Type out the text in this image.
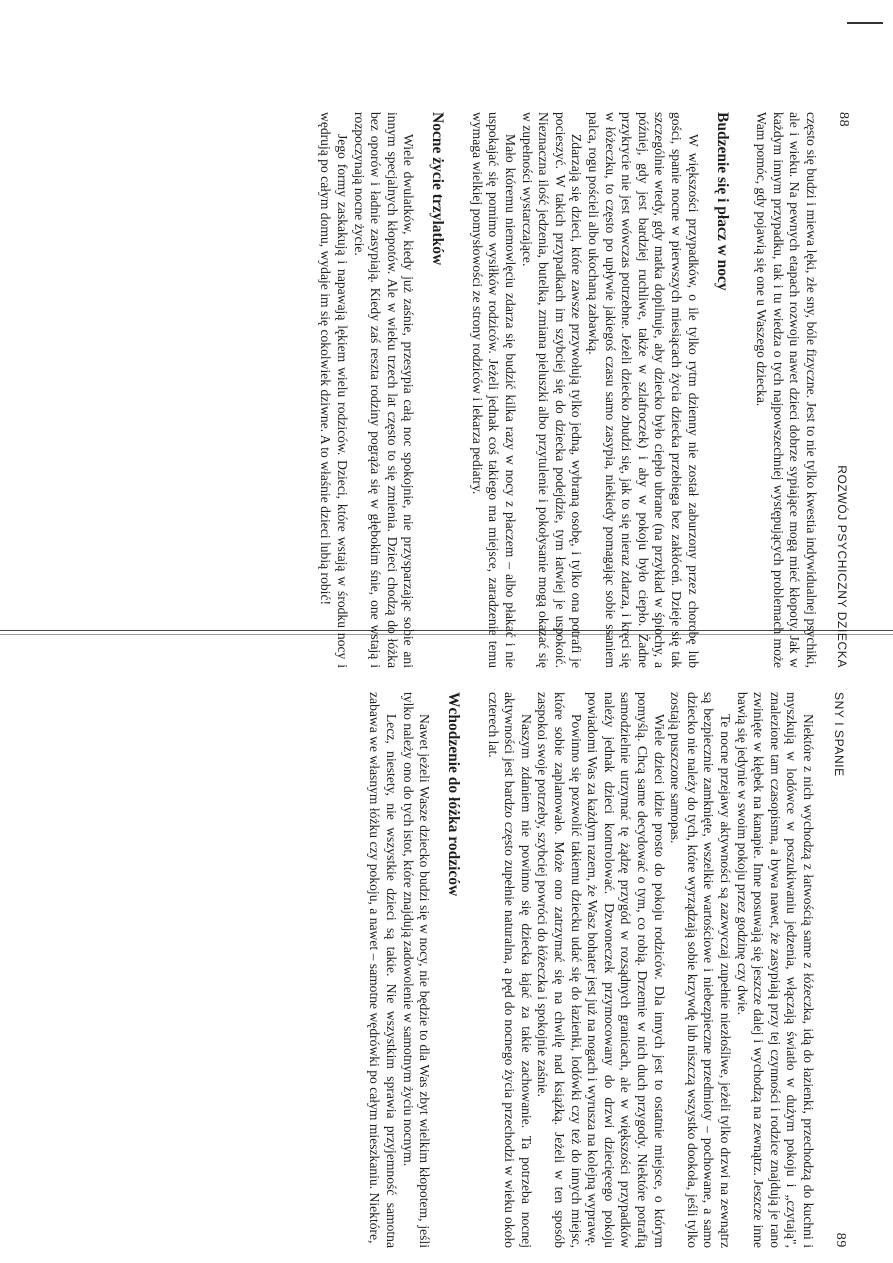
88
ROZWÓJ PSYCHICZNY DZIECKA

często się budzi i miewa lęki, złe sny, bóle fizyczne. Jest to nie tylko kwestia indywidualnej psychiki, ale i wieku. Na pewnych etapach rozwoju nawet dzieci dobrze sypiające mogą mieć kłopoty. Jak w każdym innym przypadku, tak i tu wiedza o tych najpowszechniej występujących problemach może Wam pomóc, gdy pojawią się one u Waszego dziecka.

Budzenie się i płacz w nocy

W większości przypadków, o ile tylko rytm dzienny nie został zaburzony przez chorobę lub gości, spanie nocne w pierwszych miesiącach życia dziecka przebiega bez zakłóceń. Dzieje się tak szczególnie wtedy, gdy matka dopilnuje, aby dziecko było ciepło ubrane (na przykład w śpiochy, a później, gdy jest bardziej ruchliwe, także w szlafroczek) i aby w pokoju było ciepło. Żadne przykrycie nie jest wówczas potrzebne. Jeżeli dziecko zbudzi się, jak to się nieraz zdarza, i kręci się w łóżeczku, to często po upływie jakiegoś czasu samo zasypia, niekiedy pomagając sobie ssaniem palca, rogu pościeli albo ukochaną zabawką.

Zdarzają się dzieci, które zawsze przywołują tylko jedną, wybraną osobę, i tylko ona potrafi je pocieszyć. W takich przypadkach im szybciej się do dziecka podejdzie, tym łatwiej je uspokoić. Nieznaczna ilość jedzenia, butelka, zmiana pieluszki albo przytulenie i pokołysanie mogą okazać się w zupełności wystarczające.

Mało któremu niemowlęciu zdarza się budzić kilka razy w nocy z płaczem – albo płakać i nie uspokajać się pomimo wysiłków rodziców. Jeżeli jednak coś takiego ma miejsce, zaradzenie temu wymaga wielkiej pomysłowości ze strony rodziców i lekarza pediatry.

Nocne życie trzylatków

Wiele dwulatków, kiedy już zaśnie, przesypia całą noc spokojnie, nie przysparzając sobie ani innym specjalnych kłopotów. Ale w wieku trzech lat często to się zmienia. Dzieci chodzą do łóżka bez oporów i ładnie zasypiają. Kiedy zaś reszta rodziny pogrąża się w głębokim śnie, one wstają i rozpoczynają nocne życie.

Jego formy zaskakują i napawają lękiem wielu rodziców. Dzieci, które wstają w środku nocy i wędrują po całym domu, wydaje im się cokolwiek dziwne. A to właśnie dzieci lubią robić!

SNY I SPANIE
89

Niektóre z nich wychodzą z łatwością same z łóżeczka, idą do łazienki, przechodzą do kuchni i myszkują w lodówce w poszukiwaniu jedzenia, włączają światło w dużym pokoju i „czytają", znalezione tam czasopisma, a bywa nawet, że zasypiają przy tej czynności i rodzice znajdują je rano zwinięte w kłębek na kanapie. Inne posuwają się jeszcze dalej i wychodzą na zewnątrz. Jeszcze inne bawią się jedynie w swoim pokoju przez godzinę czy dwie.

Te nocne przejawy aktywności są zazwyczaj zupełnie niezłośliwe, jeżeli tylko drzwi na zewnątrz są bezpiecznie zamknięte, wszelkie wartościowe i niebezpieczne przedmioty – pochowane, a samo dziecko nie należy do tych, które wyrządzają sobie krzywdę lub niszczą wszystko dookoła, jeśli tylko zostają puszczone samopas.

Wiele dzieci idzie prosto do pokoju rodziców. Dla innych jest to ostatnie miejsce, o którym pomyślą. Chcą same decydować o tym, co robią. Drzemie w nich duch przygody. Niektóre potrafią samodzielnie utrzymać tę żądzę przygód w rozsądnych granicach, ale w większości przypadków należy jednak dzieci kontrolować. Dzwoneczek przymocowany do drzwi dziecięcego pokoju powiadomi Was za każdym razem, że Wasz bohater jest już na nogach i wyrusza na kolejną wyprawę.

Powinno się pozwolić takiemu dziecku udać się do łazienki, lodówki czy też do innych miejsc, które sobie zaplanowało. Może ono zatrzymać się na chwilę nad książką. Jeżeli w ten sposób zaspokoi swoje potrzeby, szybciej powróci do łóżeczka i spokojnie zaśnie.

Naszym zdaniem nie powinno się dziecka łajać za takie zachowanie. Ta potrzeba nocnej aktywności jest bardzo często zupełnie naturalna, a pęd do nocnego życia przechodzi w wieku około czterech lat.

Wchodzenie do łóżka rodziców

Nawet jeżeli Wasze dziecko budzi się w nocy, nie będzie to dla Was zbyt wielkim kłopotem, jeśli tylko należy ono do tych istot, które znajdują zadowolenie w samotnym życiu nocnym.

Lecz, niestety, nie wszystkie dzieci są takie. Nie wszystkim sprawia przyjemność samotna zabawa we własnym łóżku czy pokoju, a nawet – samotne wędrówki po całym mieszkaniu. Niektóre,
